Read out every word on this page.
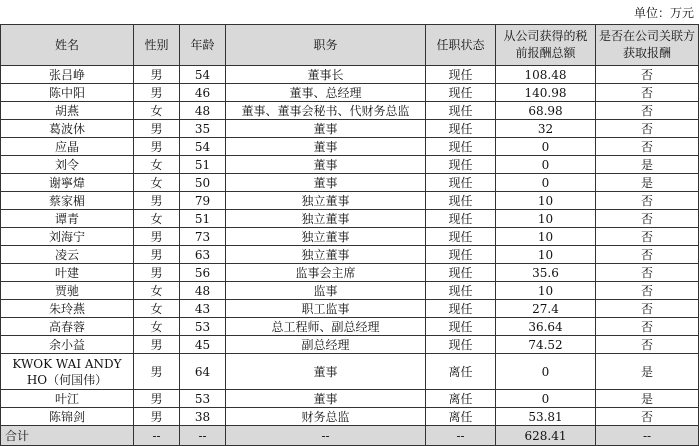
单位：万元
姓名	性别	年龄	职务	任职状态	从公司获得的税前报酬总额	是否在公司关联方获取报酬
张吕峥	男	54	董事长	现任	108.48	否
陈中阳	男	46	董事、总经理	现任	140.98	否
胡燕	女	48	董事、董事会秘书、代财务总监	现任	68.98	否
葛波休	男	35	董事	现任	32	否
应晶	男	54	董事	现任	0	否
刘令	女	51	董事	现任	0	是
谢寧煒	女	50	董事	现任	0	是
蔡家楣	男	79	独立董事	现任	10	否
谭青	女	51	独立董事	现任	10	否
刘海宁	男	73	独立董事	现任	10	否
凌云	男	63	独立董事	现任	10	否
叶建	男	56	监事会主席	现任	35.6	否
贾驰	女	48	监事	现任	10	否
朱玲燕	女	43	职工监事	现任	27.4	否
高春蓉	女	53	总工程师、副总经理	现任	36.64	否
余小益	男	45	副总经理	现任	74.52	否
KWOK WAI ANDY HO（何国伟）	男	64	董事	离任	0	是
叶江	男	53	董事	离任	0	是
陈锦剑	男	38	财务总监	离任	53.81	否
合计	--	--	--	--	628.41	--
